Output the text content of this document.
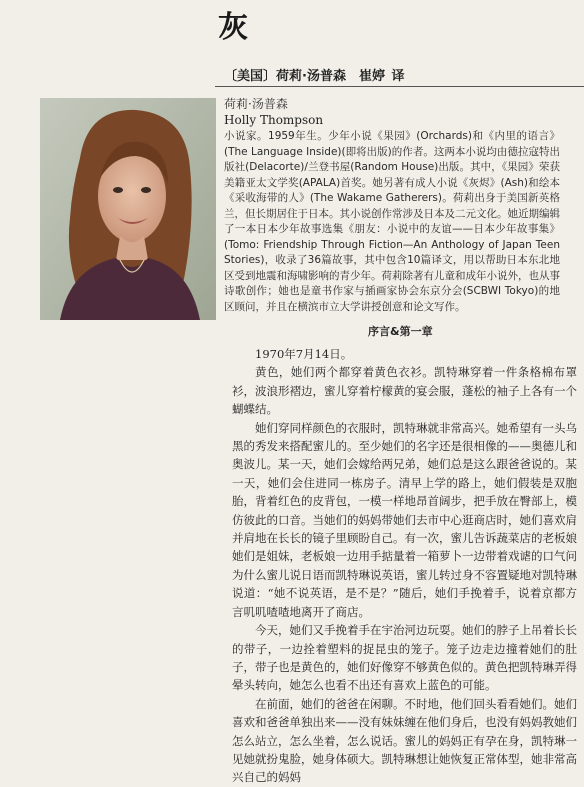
灰
〔美国〕荷莉·汤普森　崔婷 译

荷莉·汤普森

Holly Thompson

小说家。1959年生。少年小说《果园》(Orchards)和《内里的语言》(The Language Inside)(即将出版)的作者。这两本小说均由德拉寇特出版社(Delacorte)/兰登书屋(Random House)出版。其中，《果园》荣获美籍亚太文学奖(APALA)首奖。她另著有成人小说《灰烬》(Ash)和绘本《采收海带的人》(The Wakame Gatherers)。荷莉出身于美国新英格兰，但长期居住于日本。其小说创作常涉及日本及二元文化。她近期编辑了一本日本少年故事选集《朋友：小说中的友谊——日本少年故事集》(Tomo: Friendship Through Fiction—An Anthology of Japan Teen Stories)，收录了36篇故事，其中包含10篇译文，用以帮助日本东北地区受到地震和海啸影响的青少年。荷莉除著有儿童和成年小说外，也从事诗歌创作；她也是童书作家与插画家协会东京分会(SCBWI Tokyo)的地区顾问，并且在横滨市立大学讲授创意和论文写作。

序言&第一章

1970年7月14日。

黄色，她们两个都穿着黄色衣衫。凯特琳穿着一件条格棉布罩衫，波浪形褶边，蜜儿穿着柠檬黄的宴会服，蓬松的袖子上各有一个蝴蝶结。

她们穿同样颜色的衣服时，凯特琳就非常高兴。她希望有一头乌黑的秀发来搭配蜜儿的。至少她们的名字还是很相像的——奥德儿和奥波儿。某一天，她们会嫁给两兄弟，她们总是这么跟爸爸说的。某一天，她们会住进同一栋房子。清早上学的路上，她们假装是双胞胎，背着红色的皮背包，一模一样地昂首阔步，把手放在臀部上，模仿彼此的口音。当她们的妈妈带她们去市中心逛商店时，她们喜欢肩并肩地在长长的镜子里顾盼自己。有一次，蜜儿告诉蔬菜店的老板娘她们是姐妹，老板娘一边用手掂量着一箱萝卜一边带着戏谑的口气问为什么蜜儿说日语而凯特琳说英语，蜜儿转过身不容置疑地对凯特琳说道：“她不说英语，是不是？”随后，她们手挽着手，说着京都方言叽叽喳喳地离开了商店。

今天，她们又手挽着手在宇治河边玩耍。她们的脖子上吊着长长的带子，一边拴着塑料的捉昆虫的笼子。笼子边走边撞着她们的肚子，带子也是黄色的，她们好像穿不够黄色似的。黄色把凯特琳弄得晕头转向，她怎么也看不出还有喜欢上蓝色的可能。

在前面，她们的爸爸在闲聊。不时地，他们回头看看她们。她们喜欢和爸爸单独出来——没有妹妹缠在他们身后，也没有妈妈教她们怎么站立，怎么坐着，怎么说话。蜜儿的妈妈正有孕在身，凯特琳一见她就扮鬼脸，她身体硕大。凯特琳想让她恢复正常体型，她非常高兴自己的妈妈
